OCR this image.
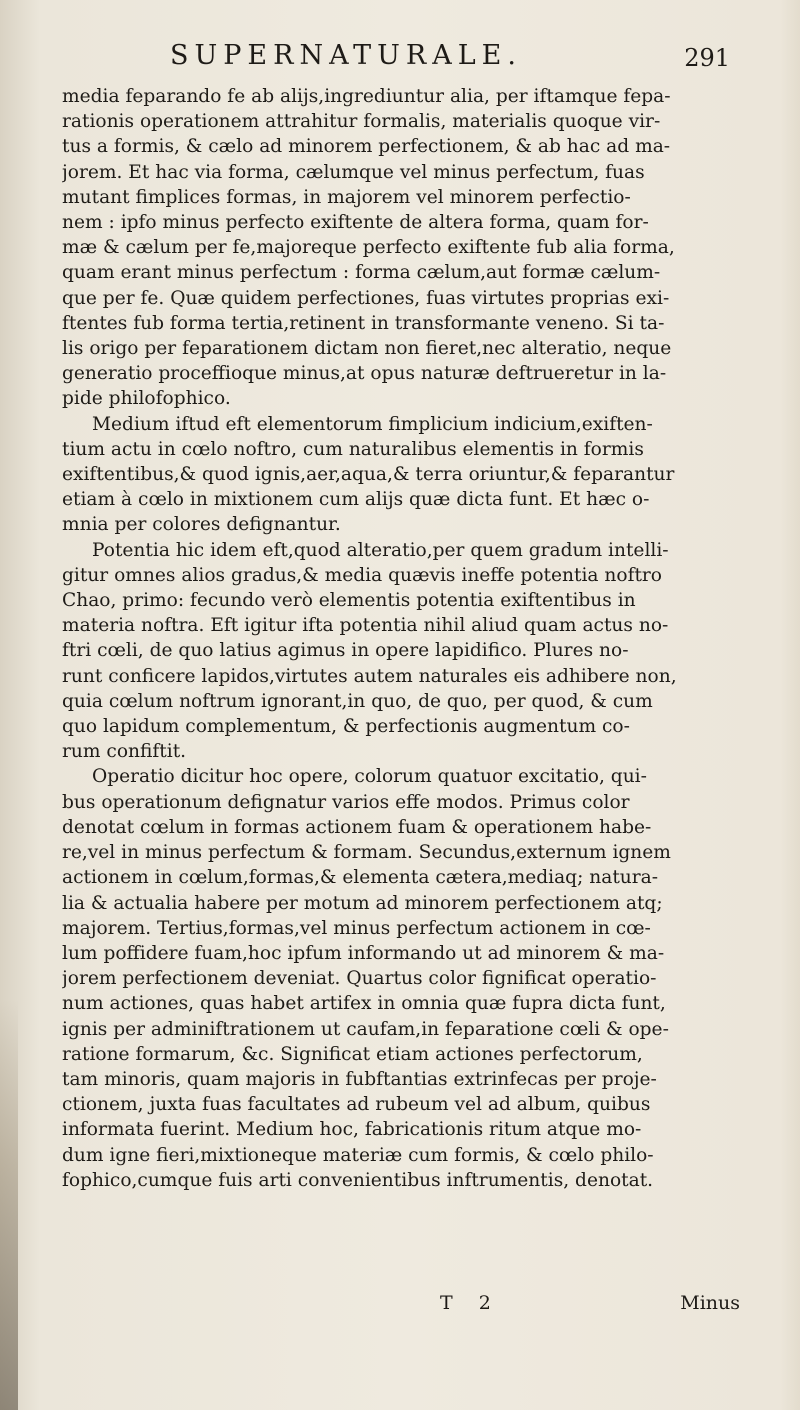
SUPERNATURALE.	291
media feparando fe ab alijs,ingrediuntur alia, per iftamque fepa-
rationis operationem attrahitur formalis, materialis quoque vir-
tus a formis, & cælo ad minorem perfectionem, & ab hac ad ma-
jorem. Et hac via forma, cælumque vel minus perfectum, fuas
mutant fimplices formas, in majorem vel minorem perfectio-
nem : ipfo minus perfecto exiftente de altera forma, quam for-
mæ & cælum per fe,majoreque perfecto exiftente fub alia forma,
quam erant minus perfectum : forma cælum,aut formæ cælum-
que per fe. Quæ quidem perfectiones, fuas virtutes proprias exi-
ftentes fub forma tertia,retinent in transformante veneno. Si ta-
lis origo per feparationem dictam non fieret,nec alteratio, neque
generatio proceffioque minus,at opus naturæ deftrueretur in la-
pide philofophico.
Medium iftud eft elementorum fimplicium indicium,exiften-
tium actu in cœlo noftro, cum naturalibus elementis in formis
exiftentibus,& quod ignis,aer,aqua,& terra oriuntur,& feparantur
etiam à cœlo in mixtionem cum alijs quæ dicta funt. Et hæc o-
mnia per colores defignantur.
Potentia hic idem eft,quod alteratio,per quem gradum intelli-
gitur omnes alios gradus,& media quævis ineffe potentia noftro
Chao, primo: fecundo verò elementis potentia exiftentibus in
materia noftra. Eft igitur ifta potentia nihil aliud quam actus no-
ftri cœli, de quo latius agimus in opere lapidifico. Plures no-
runt conficere lapidos,virtutes autem naturales eis adhibere non,
quia cœlum noftrum ignorant,in quo, de quo, per quod, & cum
quo lapidum complementum, & perfectionis augmentum co-
rum confiftit.
Operatio dicitur hoc opere, colorum quatuor excitatio, qui-
bus operationum defignatur varios effe modos. Primus color
denotat cœlum in formas actionem fuam & operationem habe-
re,vel in minus perfectum & formam. Secundus,externum ignem
actionem in cœlum,formas,& elementa cætera,mediaq; natura-
lia & actualia habere per motum ad minorem perfectionem atq;
majorem. Tertius,formas,vel minus perfectum actionem in cœ-
lum poffidere fuam,hoc ipfum informando ut ad minorem & ma-
jorem perfectionem deveniat. Quartus color fignificat operatio-
num actiones, quas habet artifex in omnia quæ fupra dicta funt,
ignis per adminiftrationem ut caufam,in feparatione cœli & ope-
ratione formarum, &c. Significat etiam actiones perfectorum,
tam minoris, quam majoris in fubftantias extrinfecas per proje-
ctionem, juxta fuas facultates ad rubeum vel ad album, quibus
informata fuerint. Medium hoc, fabricationis ritum atque mo-
dum igne fieri,mixtioneque materiæ cum formis, & cœlo philo-
fophico,cumque fuis arti convenientibus inftrumentis, denotat.
T 2	Minus
